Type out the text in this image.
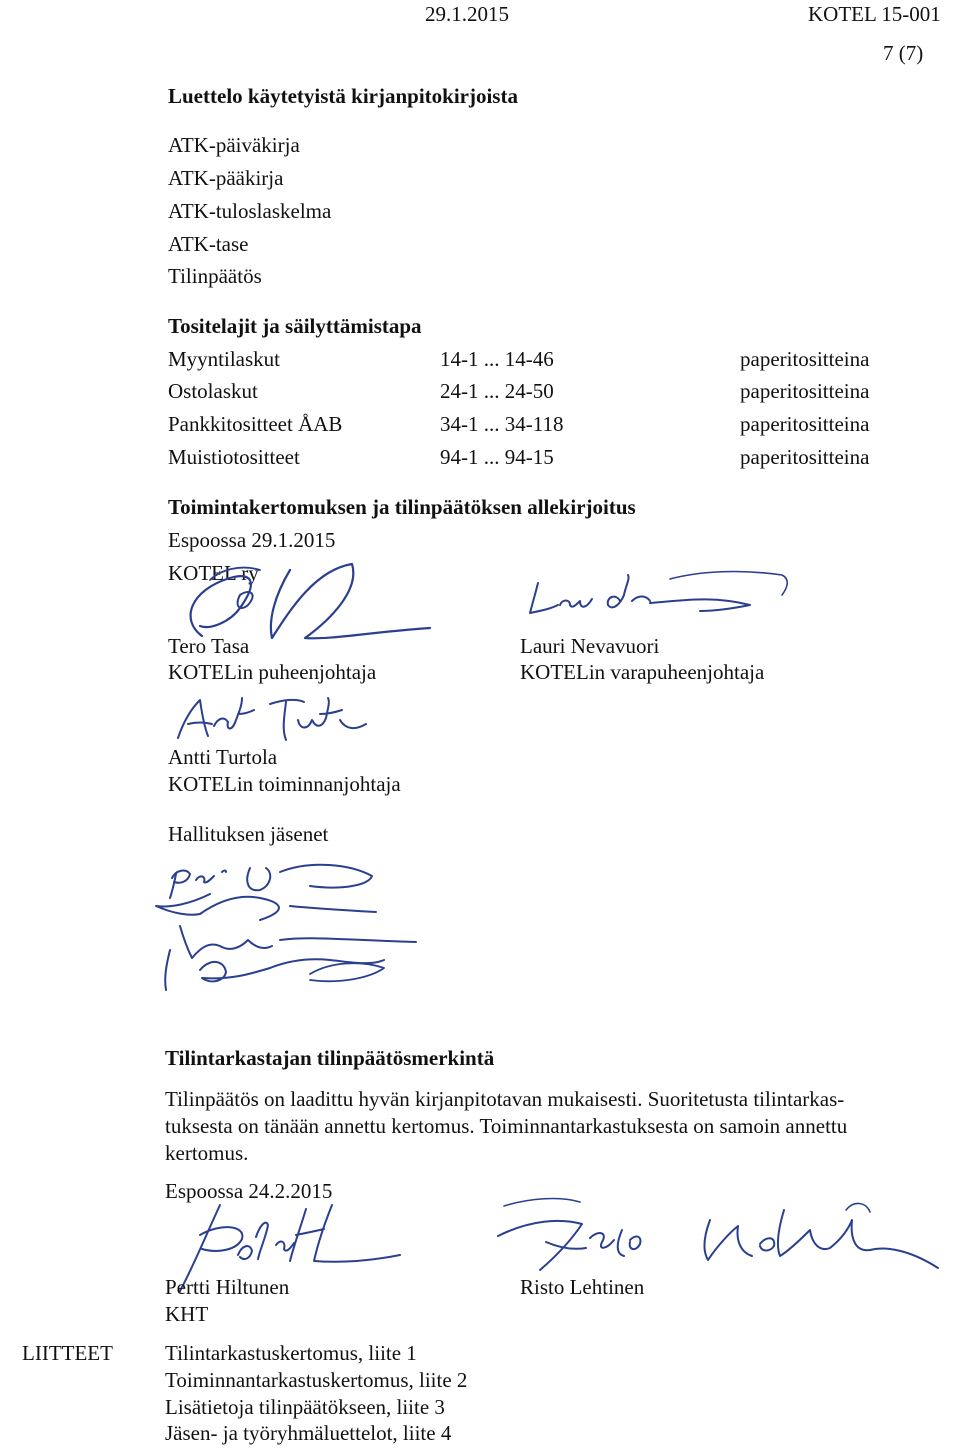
29.1.2015	KOTEL 15-001
7 (7)
Luettelo käytetyistä kirjanpitokirjoista
ATK-päiväkirja
ATK-pääkirja
ATK-tuloslaskelma
ATK-tase
Tilinpäätös
Tositelajit ja säilyttämistapa
Myyntilaskut	14-1 ... 14-46	paperitositteina
Ostolaskut	24-1 ... 24-50	paperitositteina
Pankkitositteet ÅAB	34-1 ... 34-118	paperitositteina
Muistiotositteet	94-1 ... 94-15	paperitositteina
Toimintakertomuksen ja tilinpäätöksen allekirjoitus
Espoossa 29.1.2015
KOTEL ry
Tero Tasa
KOTELin puheenjohtaja
Lauri Nevavuori
KOTELin varapuheenjohtaja
Antti Turtola
KOTELin toiminnanjohtaja
Hallituksen jäsenet
Tilintarkastajan tilinpäätösmerkintä
Tilinpäätös on laadittu hyvän kirjanpitotavan mukaisesti. Suoritetusta tilintarkas-
tuksesta on tänään annettu kertomus. Toiminnantarkastuksesta on samoin annettu
kertomus.
Espoossa 24.2.2015
Pertti Hiltunen
KHT
Risto Lehtinen
LIITTEET Tilintarkastuskertomus, liite 1
Toiminnantarkastuskertomus, liite 2
Lisätietoja tilinpäätökseen, liite 3
Jäsen- ja työryhmäluettelot, liite 4
